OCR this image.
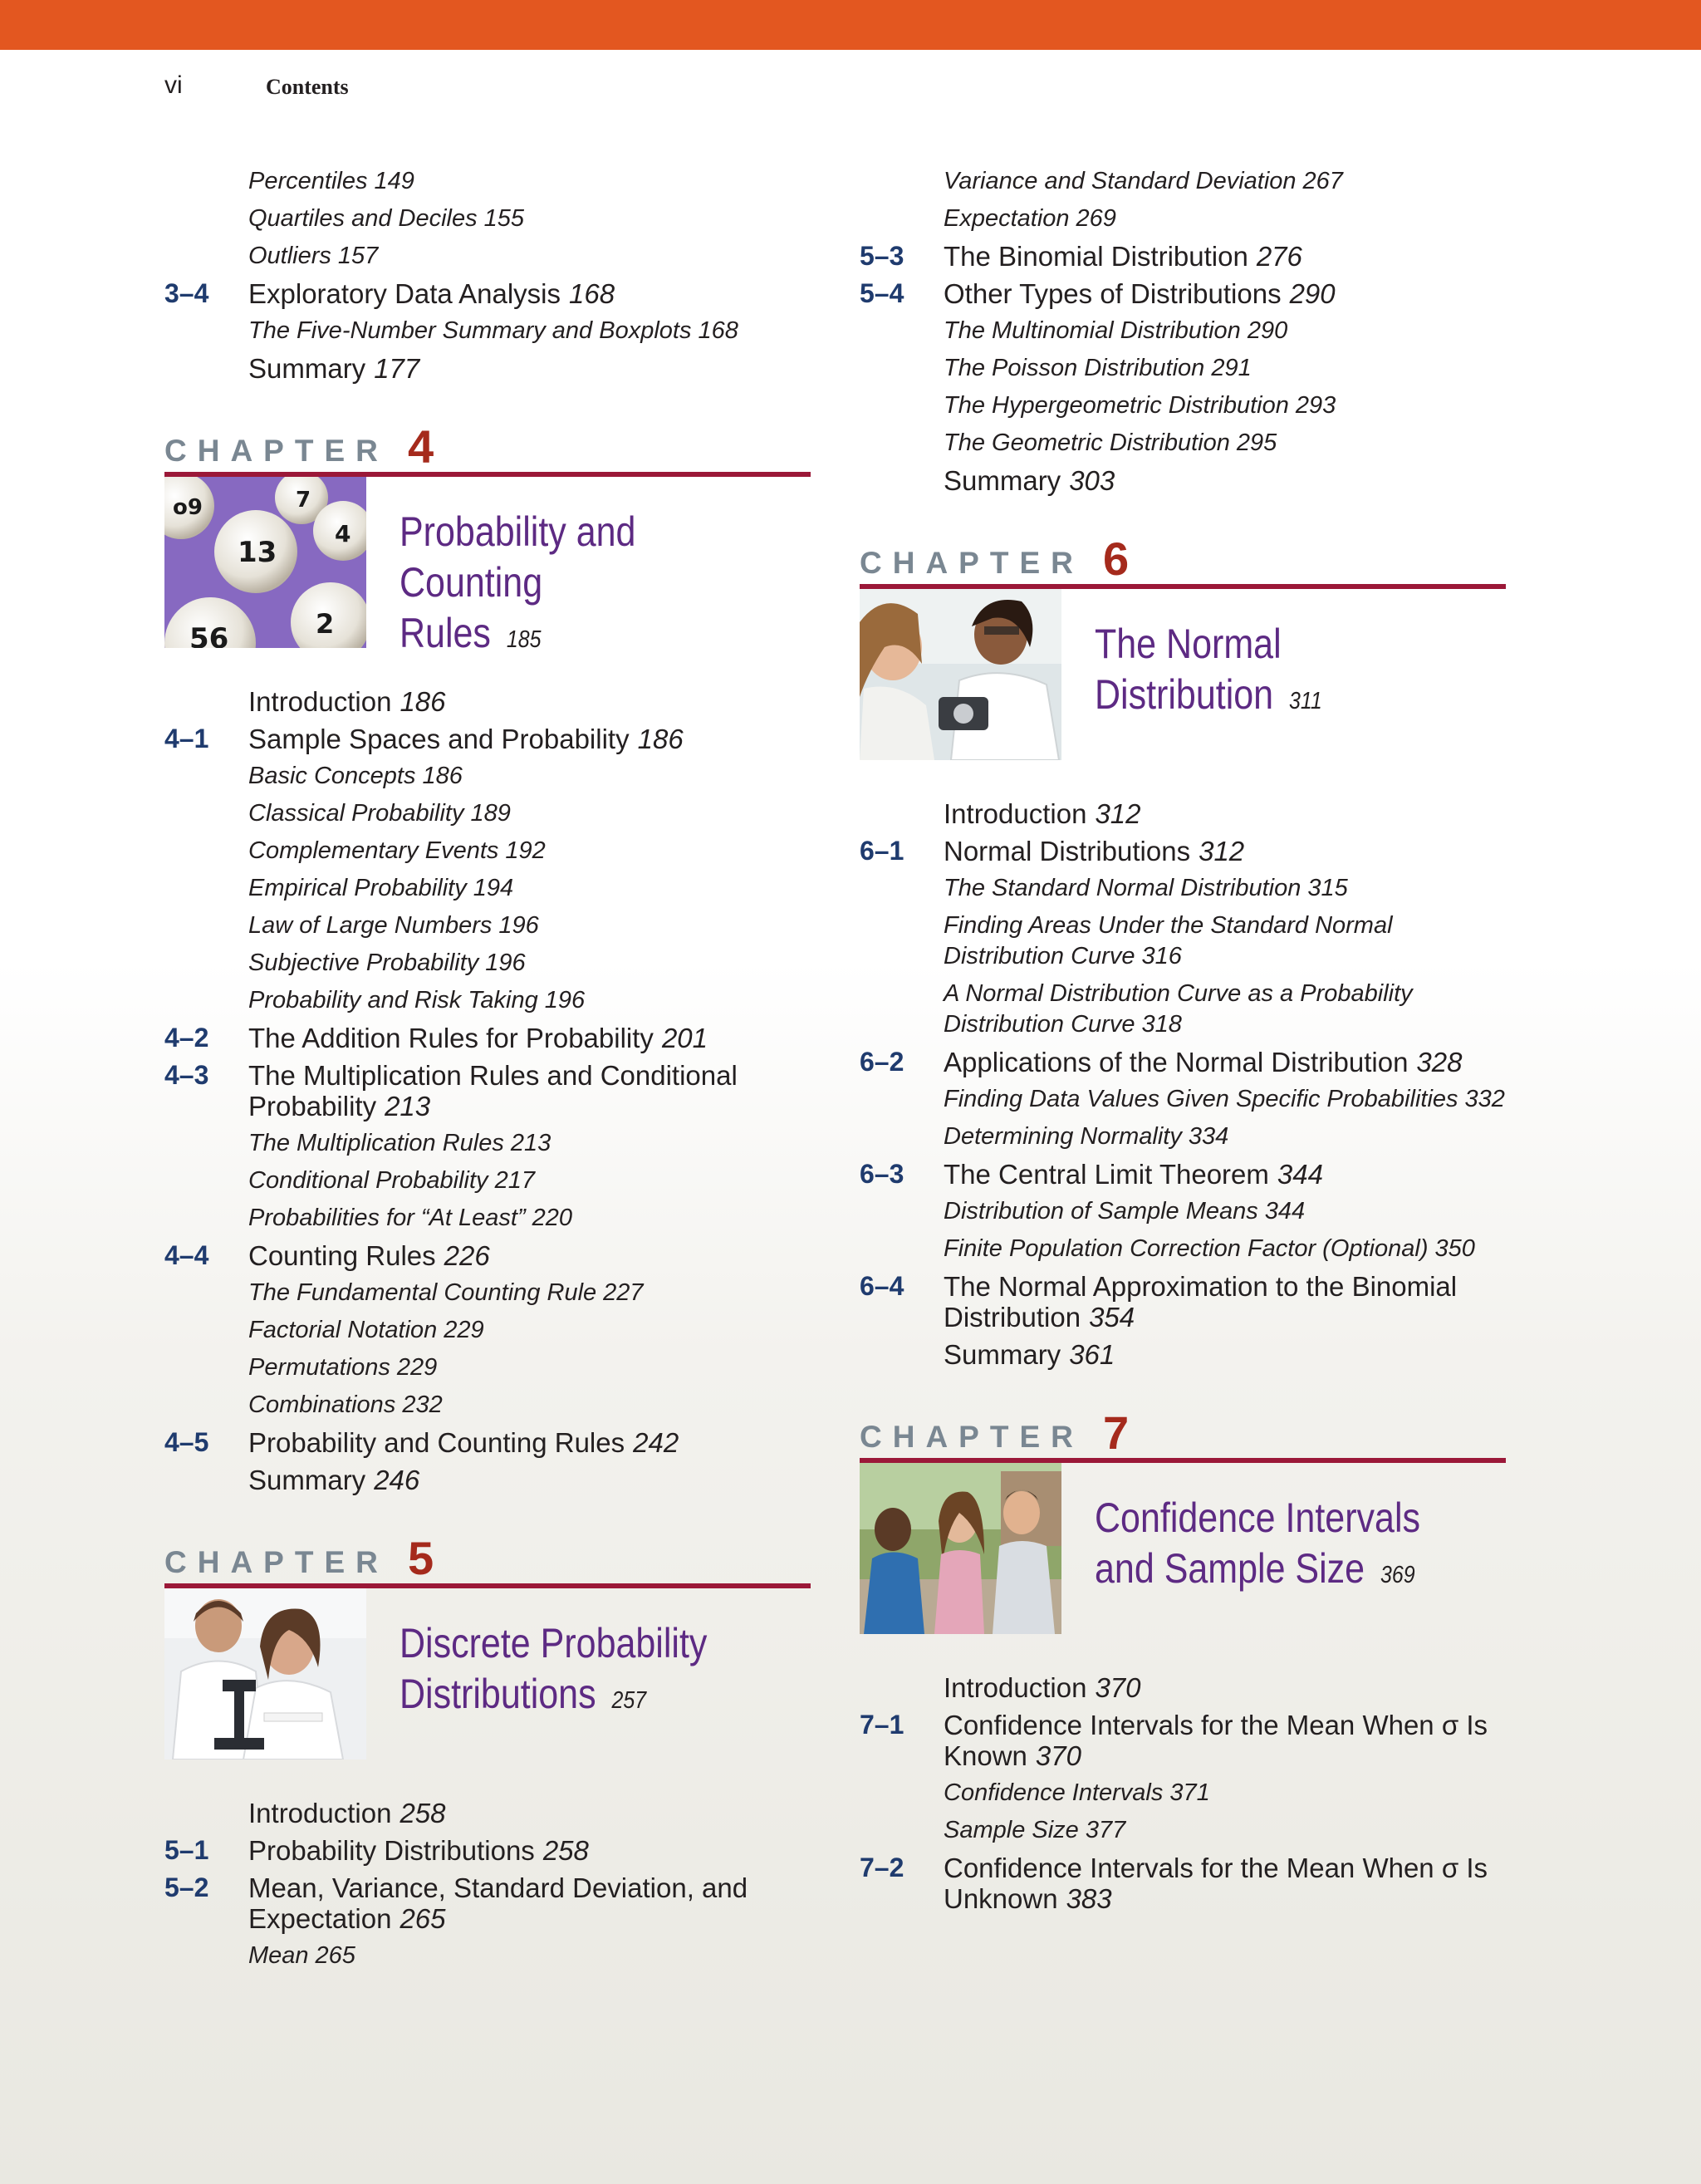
vi	Contents
Percentiles 149
Quartiles and Deciles 155
Outliers 157
3–4 Exploratory Data Analysis 168
The Five-Number Summary and Boxplots 168
Summary 177
CHAPTER 4
o9	7
4
13
2
56
Probability and Counting
Rules 185
Introduction 186
4–1 Sample Spaces and Probability 186
Basic Concepts 186
Classical Probability 189
Complementary Events 192
Empirical Probability 194
Law of Large Numbers 196
Subjective Probability 196
Probability and Risk Taking 196
4–2 The Addition Rules for Probability 201
4–3 The Multiplication Rules and Conditional Probability 213
The Multiplication Rules 213
Conditional Probability 217
Probabilities for “At Least” 220
4–4 Counting Rules 226
The Fundamental Counting Rule 227
Factorial Notation 229
Permutations 229
Combinations 232
4–5 Probability and Counting Rules 242
Summary 246
CHAPTER 5
Discrete Probability
Distributions 257
Introduction 258
5–1 Probability Distributions 258
5–2 Mean, Variance, Standard Deviation, and Expectation 265
Mean 265
Variance and Standard Deviation 267
Expectation 269
5–3 The Binomial Distribution 276
5–4 Other Types of Distributions 290
The Multinomial Distribution 290
The Poisson Distribution 291
The Hypergeometric Distribution 293
The Geometric Distribution 295
Summary 303
CHAPTER 6
The Normal
Distribution 311
Introduction 312
6–1 Normal Distributions 312
The Standard Normal Distribution 315
Finding Areas Under the Standard Normal Distribution Curve 316
A Normal Distribution Curve as a Probability Distribution Curve 318
6–2 Applications of the Normal Distribution 328
Finding Data Values Given Specific Probabilities 332
Determining Normality 334
6–3 The Central Limit Theorem 344
Distribution of Sample Means 344
Finite Population Correction Factor (Optional) 350
6–4 The Normal Approximation to the Binomial Distribution 354
Summary 361
CHAPTER 7
Confidence Intervals
and Sample Size 369
Introduction 370
7–1 Confidence Intervals for the Mean When σ Is Known 370
Confidence Intervals 371
Sample Size 377
7–2 Confidence Intervals for the Mean When σ Is Unknown 383
